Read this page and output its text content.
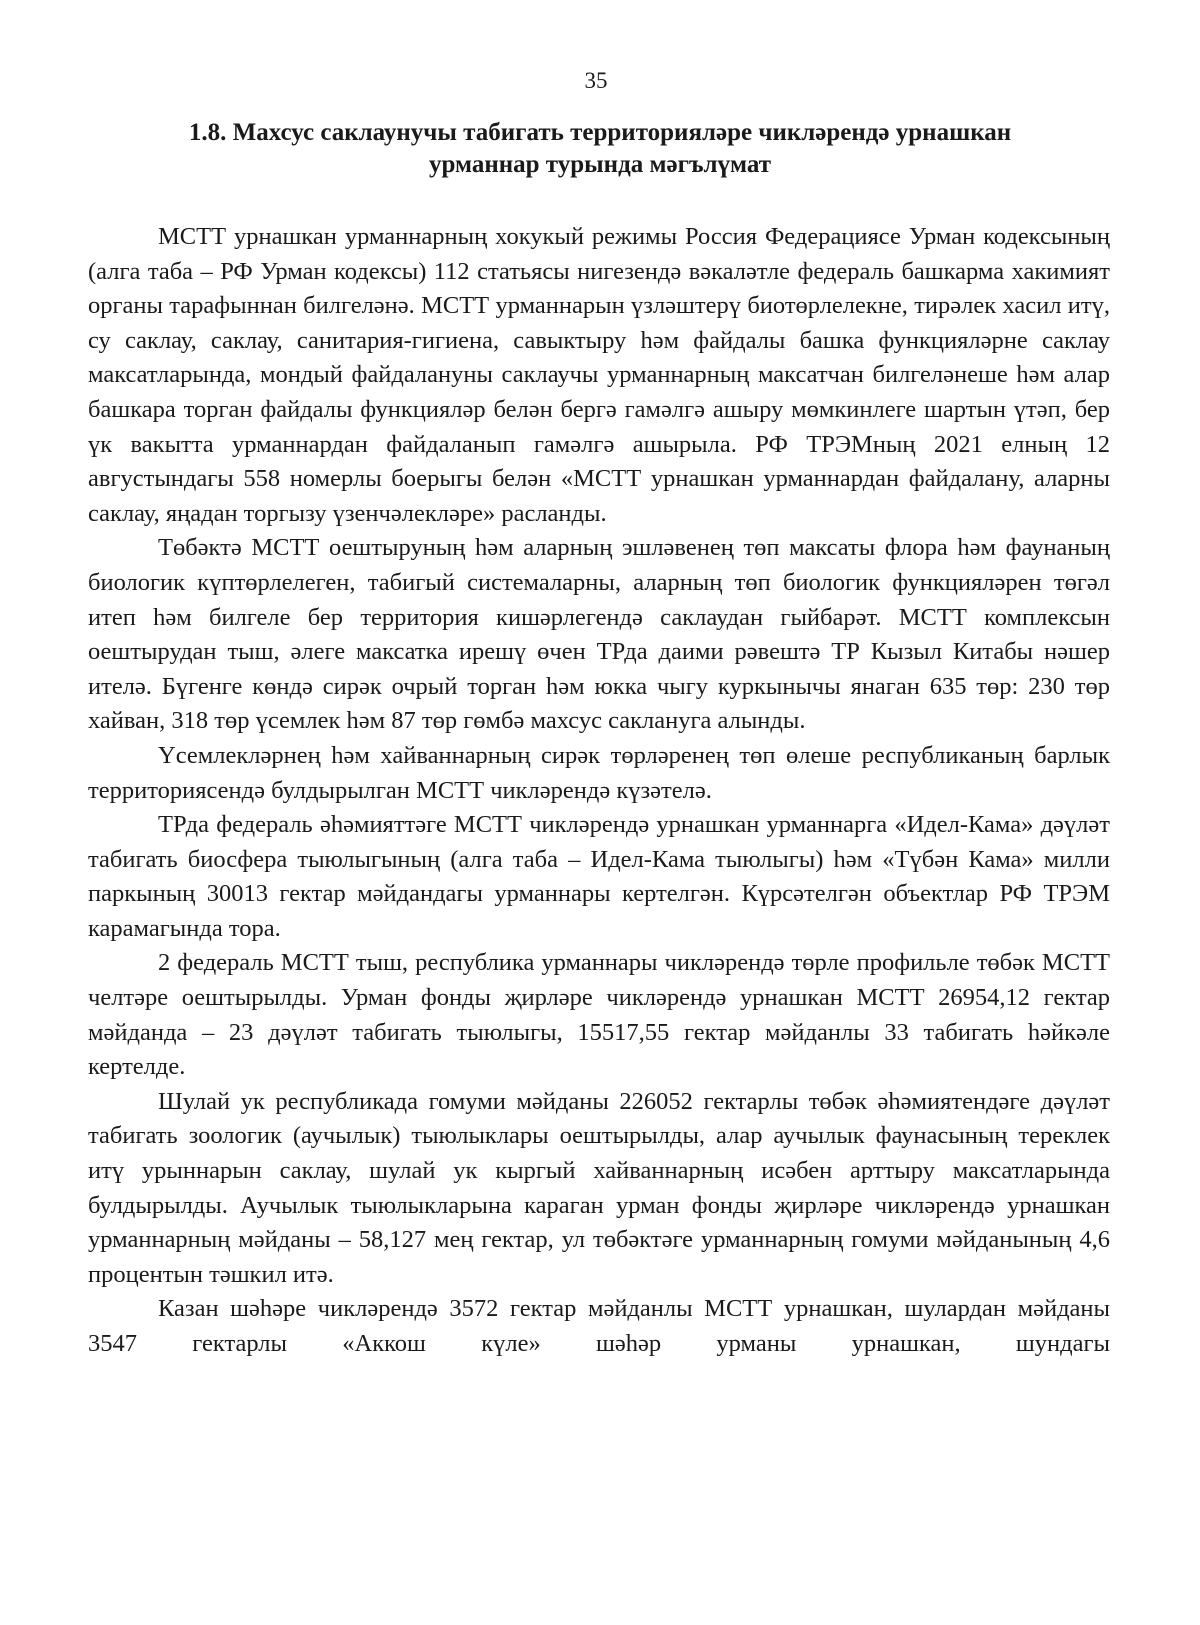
35
1.8. Махсус саклаунучы табигать территорияләре чикләрендә урнашкан
урманнар турында мәгълүмат

МСТТ урнашкан урманнарның хокукый режимы Россия Федерациясе Урман кодексының (алга таба – РФ Урман кодексы) 112 статьясы нигезендә вәкаләтле федераль башкарма хакимият органы тарафыннан билгеләнә. МСТТ урманнарын үзләштерү биотөрлелекне, тирәлек хасил итү, су саклау, саклау, санитария-гигиена, савыктыру һәм файдалы башка функцияләрне саклау максатларында, мондый файдалануны саклаучы урманнарның максатчан билгеләнеше һәм алар башкара торган файдалы функцияләр белән бергә гамәлгә ашыру мөмкинлеге шартын үтәп, бер үк вакытта урманнардан файдаланып гамәлгә ашырыла. РФ ТРЭМның 2021 елның 12 августындагы 558 номерлы боерыгы белән «МСТТ урнашкан урманнардан файдалану, аларны саклау, яңадан торгызу үзенчәлекләре» расланды.

Төбәктә МСТТ оештыруның һәм аларның эшләвенең төп максаты флора һәм фаунаның биологик күптөрлелеген, табигый системаларны, аларның төп биологик функцияләрен төгәл итеп һәм билгеле бер территория кишәрлегендә саклаудан гыйбарәт. МСТТ комплексын оештырудан тыш, әлеге максатка ирешү өчен ТРда даими рәвештә ТР Кызыл Китабы нәшер ителә. Бүгенге көндә сирәк очрый торган һәм юкка чыгу куркынычы янаган 635 төр: 230 төр хайван, 318 төр үсемлек һәм 87 төр гөмбә махсус саклануга алынды.

Үсемлекләрнең һәм хайваннарның сирәк төрләренең төп өлеше республиканың барлык территориясендә булдырылган МСТТ чикләрендә күзәтелә.

ТРда федераль әһәмияттәге МСТТ чикләрендә урнашкан урманнарга «Идел-Кама» дәүләт табигать биосфера тыюлыгының (алга таба – Идел-Кама тыюлыгы) һәм «Түбән Кама» милли паркының 30013 гектар мәйдандагы урманнары кертелгән. Күрсәтелгән объектлар РФ ТРЭМ карамагында тора.

2 федераль МСТТ тыш, республика урманнары чикләрендә төрле профильле төбәк МСТТ челтәре оештырылды. Урман фонды җирләре чикләрендә урнашкан МСТТ 26954,12 гектар мәйданда – 23 дәүләт табигать тыюлыгы, 15517,55 гектар мәйданлы 33 табигать һәйкәле кертелде.

Шулай ук республикада гомуми мәйданы 226052 гектарлы төбәк әһәмиятендәге дәүләт табигать зоологик (аучылык) тыюлыклары оештырылды, алар аучылык фаунасының тереклек итү урыннарын саклау, шулай ук кыргый хайваннарның исәбен арттыру максатларында булдырылды. Аучылык тыюлыкларына караган урман фонды җирләре чикләрендә урнашкан урманнарның мәйданы – 58,127 мең гектар, ул төбәктәге урманнарның гомуми мәйданының 4,6 процентын тәшкил итә.

Казан шәһәре чикләрендә 3572 гектар мәйданлы МСТТ урнашкан, шулардан мәйданы 3547 гектарлы «Аккош күле» шәһәр урманы урнашкан, шундагы
